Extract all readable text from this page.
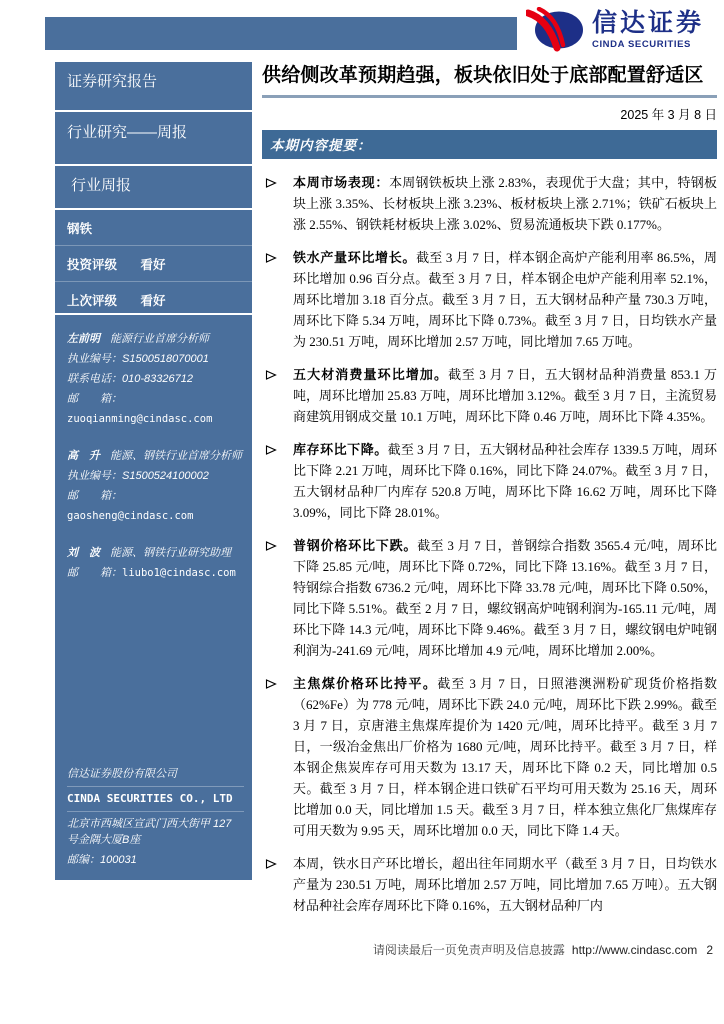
信达证券
CINDA SECURITIES
证券研究报告
行业研究——周报
行业周报
钢铁
投资评级 看好
上次评级 看好
左前明 能源行业首席分析师
执业编号：S1500518070001
联系电话：010-83326712
邮　　箱：zuoqianming@cindasc.com
高　升 能源、钢铁行业首席分析师
执业编号：S1500524100002
邮　　箱：gaosheng@cindasc.com
刘　波 能源、钢铁行业研究助理
邮　　箱：liubo1@cindasc.com
信达证券股份有限公司
CINDA SECURITIES CO., LTD
北京市西城区宣武门西大街甲 127 号金隅大厦B座
邮编：100031
供给侧改革预期趋强，板块依旧处于底部配置舒适区
2025 年 3 月 8 日
本期内容提要：

本周市场表现：本周钢铁板块上涨 2.83%，表现优于大盘；其中，特钢板块上涨 3.35%、长材板块上涨 3.23%、板材板块上涨 2.71%；铁矿石板块上涨 2.55%、钢铁耗材板块上涨 3.02%、贸易流通板块下跌 0.177%。

铁水产量环比增长。截至 3 月 7 日，样本钢企高炉产能利用率 86.5%，周环比增加 0.96 百分点。截至 3 月 7 日，样本钢企电炉产能利用率 52.1%，周环比增加 3.18 百分点。截至 3 月 7 日，五大钢材品种产量 730.3 万吨，周环比下降 5.34 万吨，周环比下降 0.73%。截至 3 月 7 日，日均铁水产量为 230.51 万吨，周环比增加 2.57 万吨，同比增加 7.65 万吨。

五大材消费量环比增加。截至 3 月 7 日，五大钢材品种消费量 853.1 万吨，周环比增加 25.83 万吨，周环比增加 3.12%。截至 3 月 7 日，主流贸易商建筑用钢成交量 10.1 万吨，周环比下降 0.46 万吨，周环比下降 4.35%。

库存环比下降。截至 3 月 7 日，五大钢材品种社会库存 1339.5 万吨，周环比下降 2.21 万吨，周环比下降 0.16%，同比下降 24.07%。截至 3 月 7 日，五大钢材品种厂内库存 520.8 万吨，周环比下降 16.62 万吨，周环比下降 3.09%，同比下降 28.01%。

普钢价格环比下跌。截至 3 月 7 日，普钢综合指数 3565.4 元/吨，周环比下降 25.85 元/吨，周环比下降 0.72%，同比下降 13.16%。截至 3 月 7 日，特钢综合指数 6736.2 元/吨，周环比下降 33.78 元/吨，周环比下降 0.50%，同比下降 5.51%。截至 2 月 7 日，螺纹钢高炉吨钢利润为-165.11 元/吨，周环比下降 14.3 元/吨，周环比下降 9.46%。截至 3 月 7 日，螺纹钢电炉吨钢利润为-241.69 元/吨，周环比增加 4.9 元/吨，周环比增加 2.00%。

主焦煤价格环比持平。截至 3 月 7 日，日照港澳洲粉矿现货价格指数（62%Fe）为 778 元/吨，周环比下跌 24.0 元/吨，周环比下跌 2.99%。截至 3 月 7 日，京唐港主焦煤库提价为 1420 元/吨，周环比持平。截至 3 月 7 日，一级冶金焦出厂价格为 1680 元/吨，周环比持平。截至 3 月 7 日，样本钢企焦炭库存可用天数为 13.17 天，周环比下降 0.2 天，同比增加 0.5 天。截至 3 月 7 日，样本钢企进口铁矿石平均可用天数为 25.16 天，周环比增加 0.0 天，同比增加 1.5 天。截至 3 月 7 日，样本独立焦化厂焦煤库存可用天数为 9.95 天，周环比增加 0.0 天，同比下降 1.4 天。

本周，铁水日产环比增长，超出往年同期水平（截至 3 月 7 日，日均铁水产量为 230.51 万吨，周环比增加 2.57 万吨，同比增加 7.65 万吨）。五大钢材品种社会库存周环比下降 0.16%，五大钢材品种厂内

请阅读最后一页免责声明及信息披露 http://www.cindasc.com 2
